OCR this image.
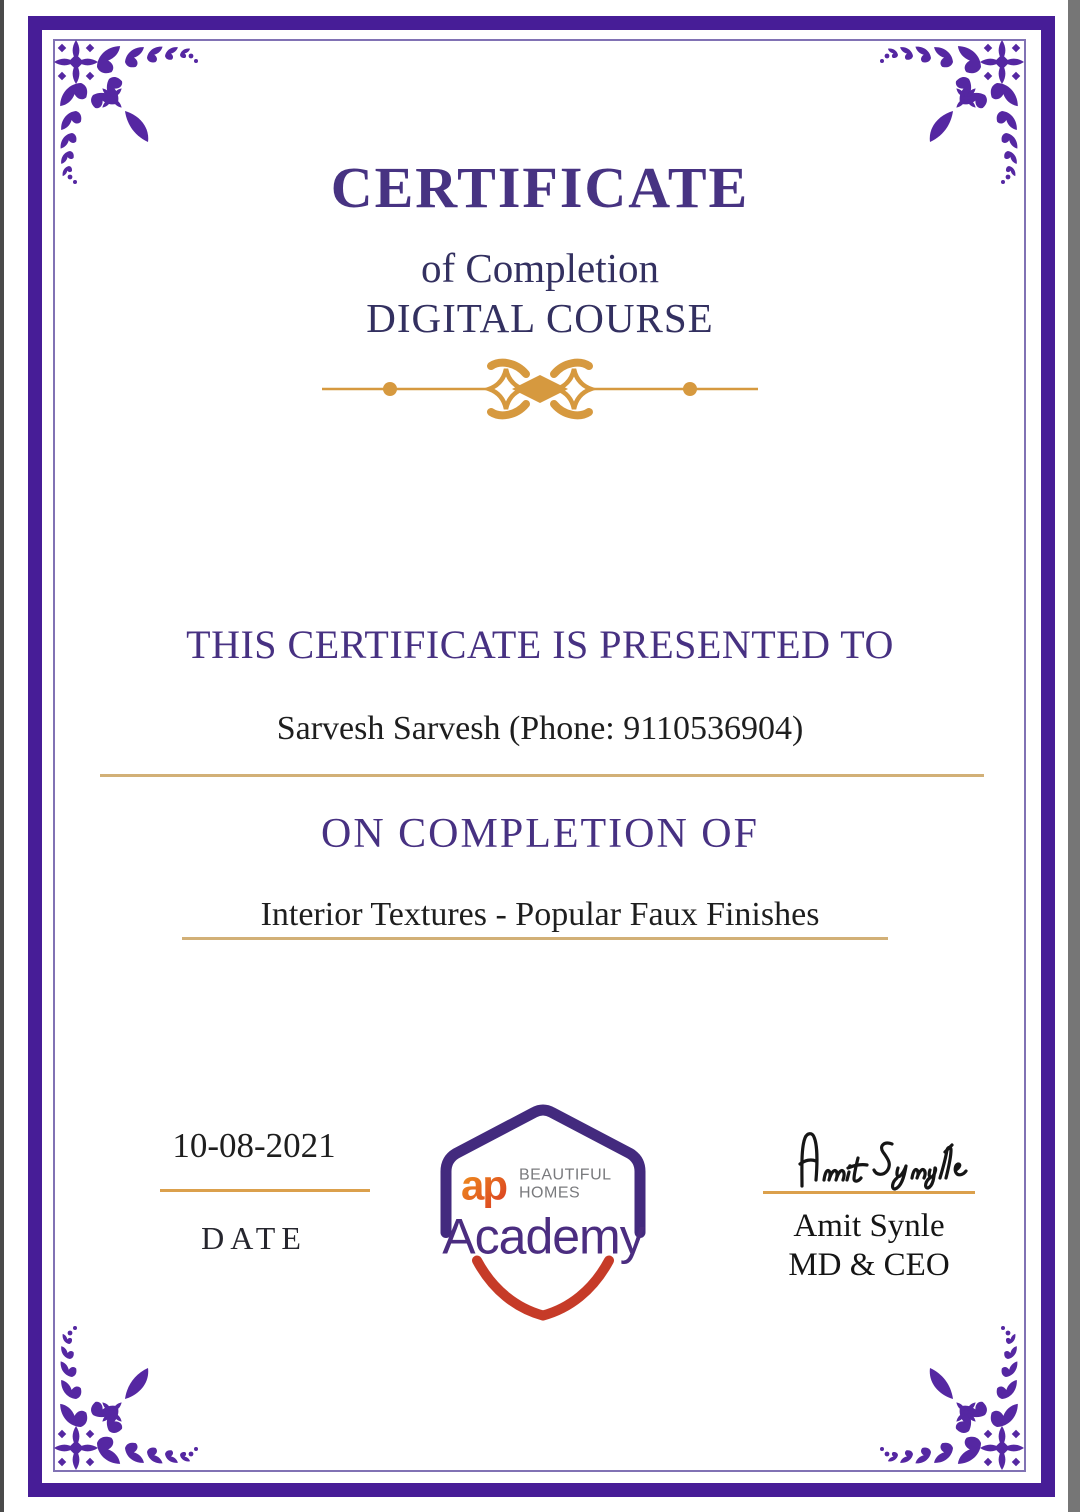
CERTIFICATE
of Completion
DIGITAL COURSE
THIS CERTIFICATE IS PRESENTED TO
Sarvesh Sarvesh (Phone: 9110536904)
ON COMPLETION OF
Interior Textures - Popular Faux Finishes
10-08-2021
DATE
ap BEAUTIFUL
HOMES
Academy	Amit Synle
MD & CEO
